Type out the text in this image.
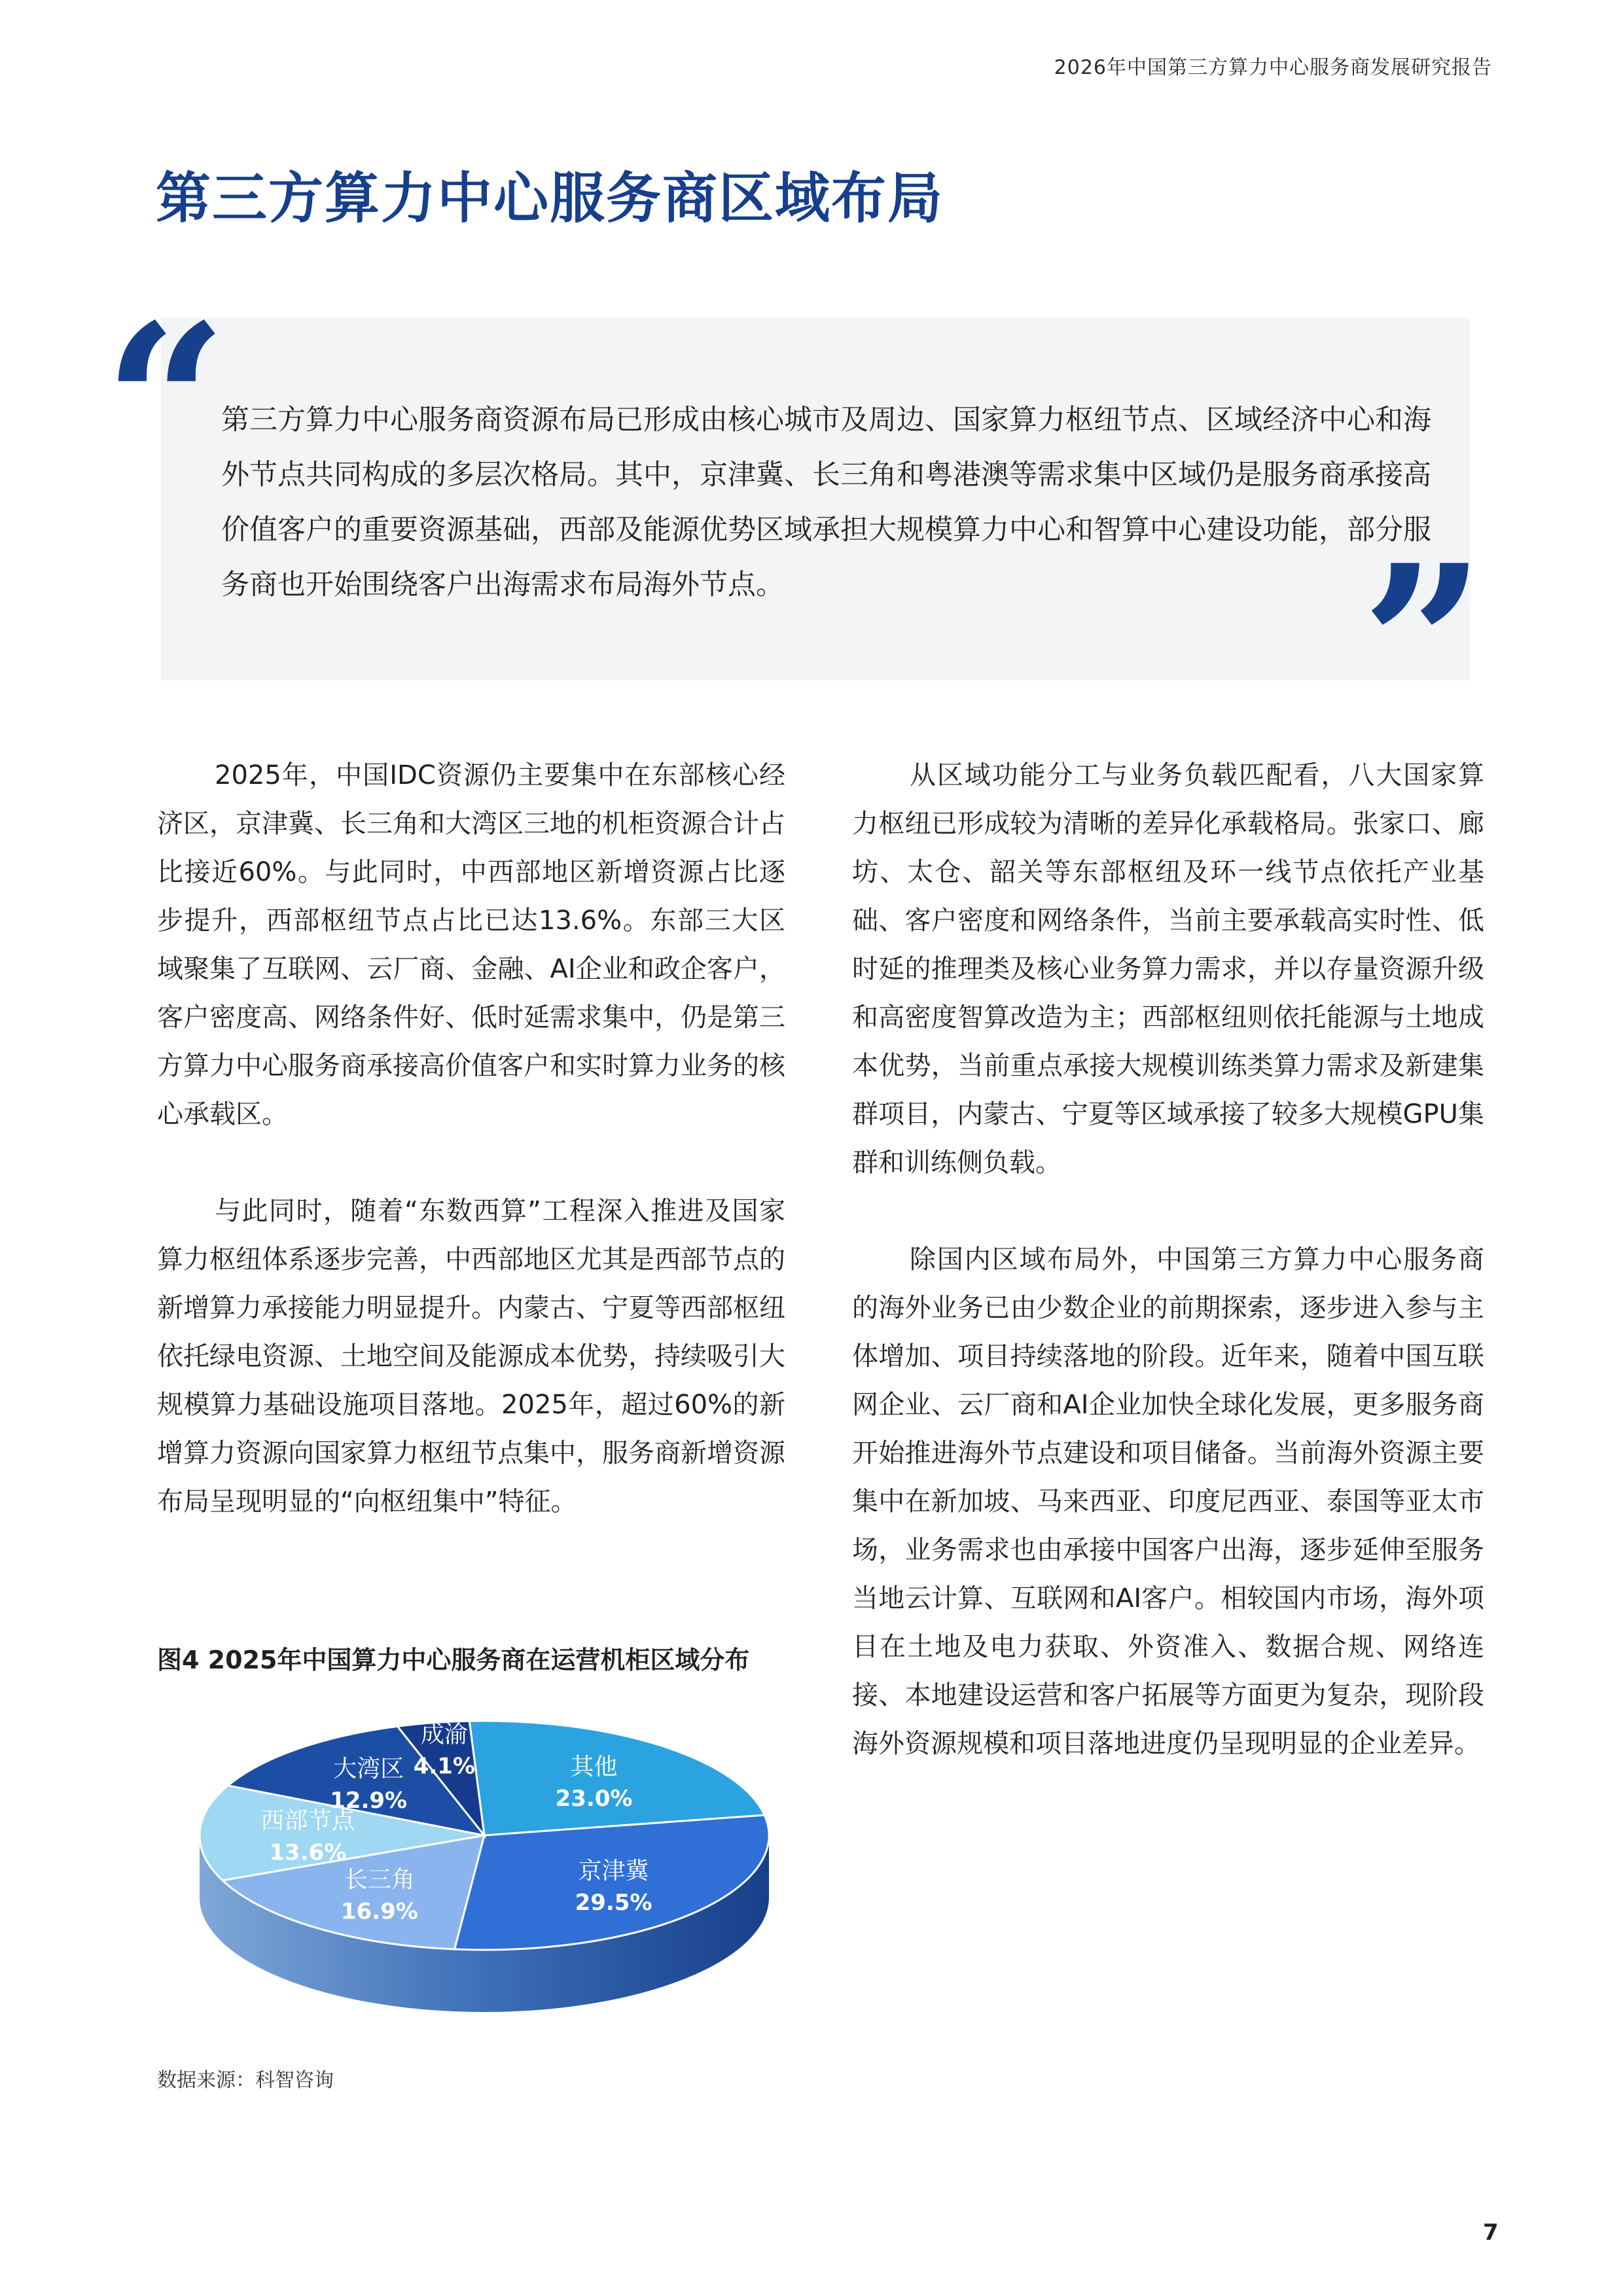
2026年中国第三方算力中心服务商发展研究报告
第三方算力中心服务商区域布局
“
”

第三方算力中心服务商资源布局已形成由核心城市及周边、国家算力枢纽节点、区域经济中心和海外节点共同构成的多层次格局。其中，京津冀、长三角和粤港澳等需求集中区域仍是服务商承接高价值客户的重要资源基础，西部及能源优势区域承担大规模算力中心和智算中心建设功能，部分服务商也开始围绕客户出海需求布局海外节点。

2025年，中国IDC资源仍主要集中在东部核心经济区，京津冀、长三角和大湾区三地的机柜资源合计占比接近60%。与此同时，中西部地区新增资源占比逐步提升，西部枢纽节点占比已达13.6%。东部三大区域聚集了互联网、云厂商、金融、AI企业和政企客户，客户密度高、网络条件好、低时延需求集中，仍是第三方算力中心服务商承接高价值客户和实时算力业务的核心承载区。

与此同时，随着“东数西算”工程深入推进及国家算力枢纽体系逐步完善，中西部地区尤其是西部节点的新增算力承接能力明显提升。内蒙古、宁夏等西部枢纽依托绿电资源、土地空间及能源成本优势，持续吸引大规模算力基础设施项目落地。2025年，超过60%的新增算力资源向国家算力枢纽节点集中，服务商新增资源布局呈现明显的“向枢纽集中”特征。

从区域功能分工与业务负载匹配看，八大国家算力枢纽已形成较为清晰的差异化承载格局。张家口、廊坊、太仓、韶关等东部枢纽及环一线节点依托产业基础、客户密度和网络条件，当前主要承载高实时性、低时延的推理类及核心业务算力需求，并以存量资源升级和高密度智算改造为主；西部枢纽则依托能源与土地成本优势，当前重点承接大规模训练类算力需求及新建集群项目，内蒙古、宁夏等区域承接了较多大规模GPU集群和训练侧负载。

除国内区域布局外，中国第三方算力中心服务商的海外业务已由少数企业的前期探索，逐步进入参与主体增加、项目持续落地的阶段。近年来，随着中国互联网企业、云厂商和AI企业加快全球化发展，更多服务商开始推进海外节点建设和项目储备。当前海外资源主要集中在新加坡、马来西亚、印度尼西亚、泰国等亚太市场，业务需求也由承接中国客户出海，逐步延伸至服务当地云计算、互联网和AI客户。相较国内市场，海外项目在土地及电力获取、外资准入、数据合规、网络连接、本地建设运营和客户拓展等方面更为复杂，现阶段海外资源规模和项目落地进度仍呈现明显的企业差异。

图4 2025年中国算力中心服务商在运营机柜区域分布

其他
23.0%
京津冀
29.5%
长三角
16.9%
西部节点
13.6%
大湾区
12.9%
成渝
4.1%
数据来源：科智咨询
7
